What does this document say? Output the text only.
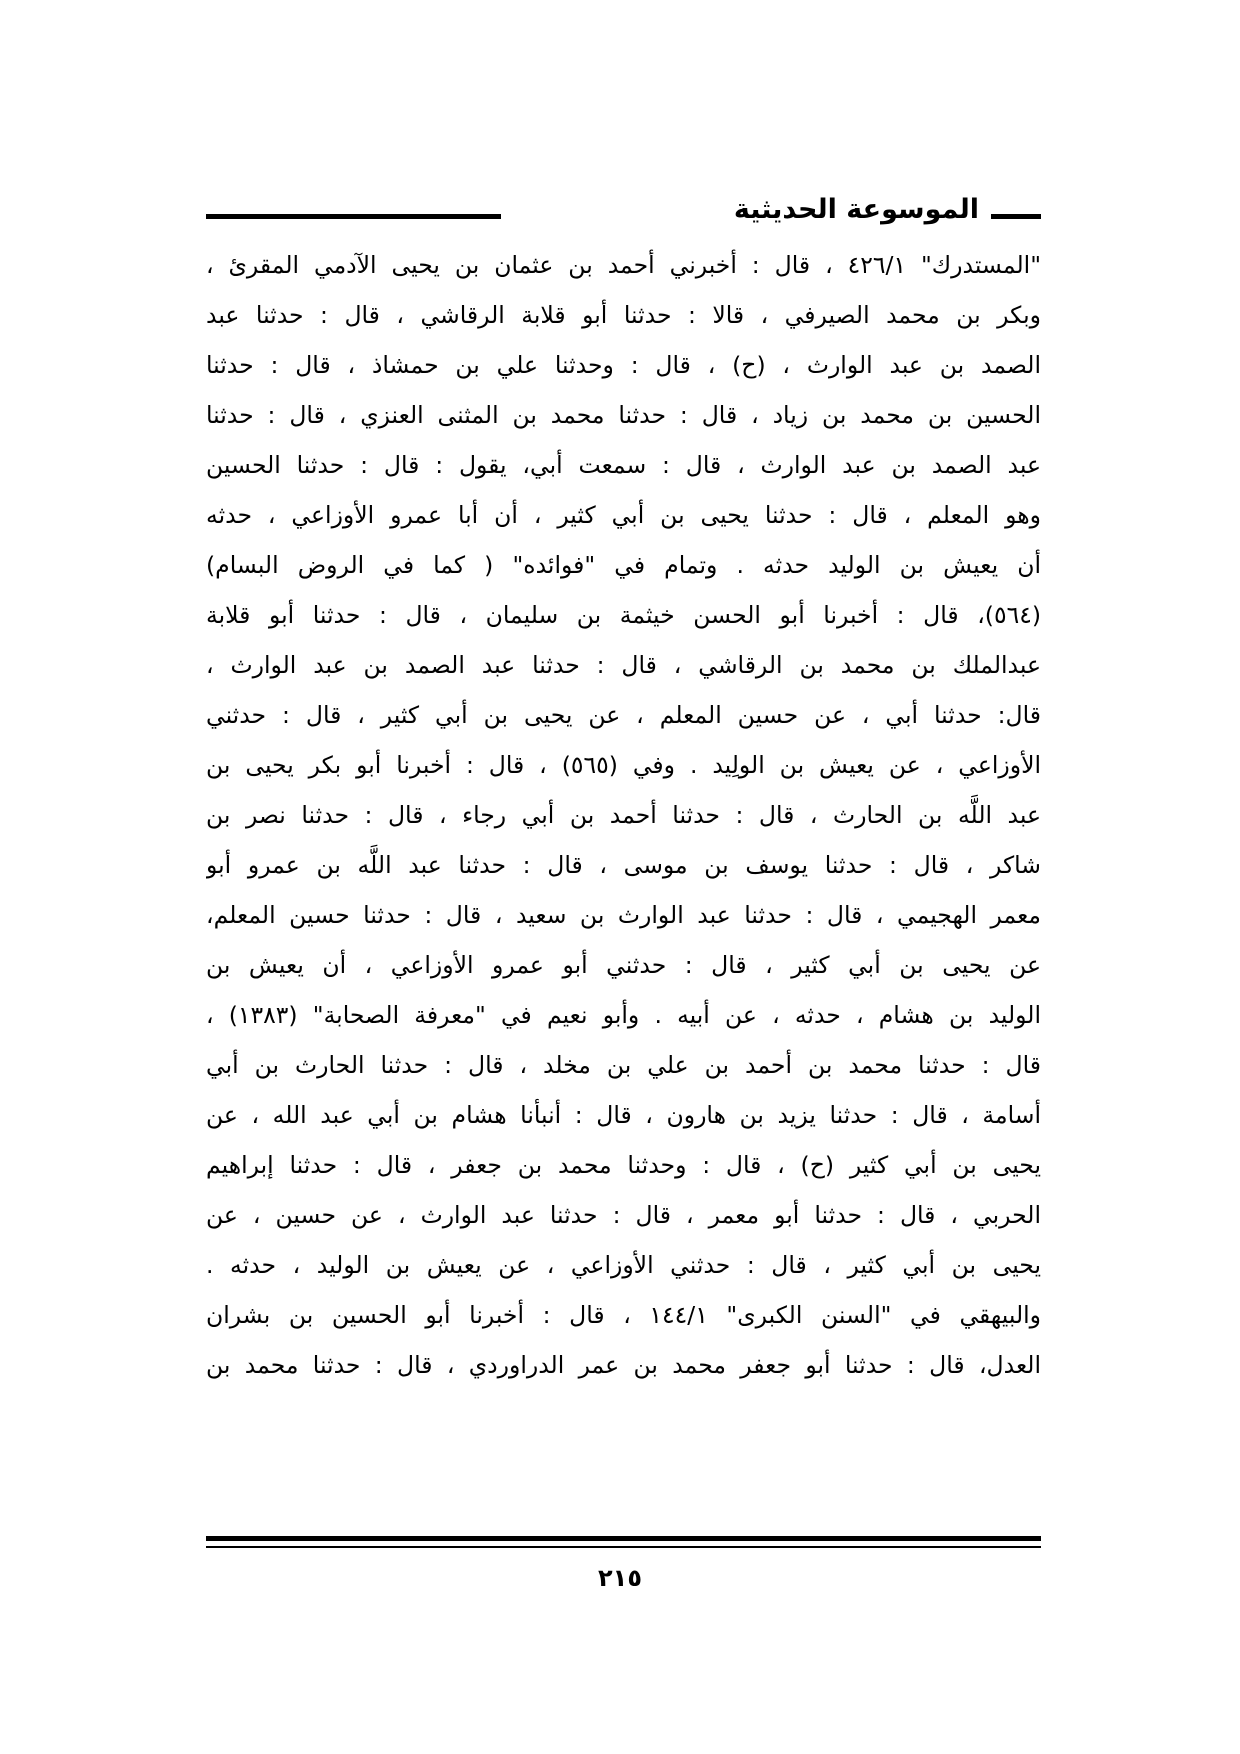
الموسوعة الحديثية
"المستدرك" ٤٢٦/١ ، قال : أخبرني أحمد بن عثمان بن يحيى الآدمي المقرئ ،
وبكر بن محمد الصيرفي ، قالا : حدثنا أبو قلابة الرقاشي ، قال : حدثنا عبد
الصمد بن عبد الوارث ، (ح) ، قال : وحدثنا علي بن حمشاذ ، قال : حدثنا
الحسين بن محمد بن زياد ، قال : حدثنا محمد بن المثنى العنزي ، قال : حدثنا
عبد الصمد بن عبد الوارث ، قال : سمعت أبي، يقول : قال : حدثنا الحسين
وهو المعلم ، قال : حدثنا يحيى بن أبي كثير ، أن أبا عمرو الأوزاعي ، حدثه
أن يعيش بن الوليد حدثه . وتمام في "فوائده" ( كما في الروض البسام)
(٥٦٤)، قال : أخبرنا أبو الحسن خيثمة بن سليمان ، قال : حدثنا أبو قلابة
عبدالملك بن محمد بن الرقاشي ، قال : حدثنا عبد الصمد بن عبد الوارث ،
قال: حدثنا أبي ، عن حسين المعلم ، عن يحيى بن أبي كثير ، قال : حدثني
الأوزاعي ، عن يعيش بن الولِيد . وفي (٥٦٥) ، قال : أخبرنا أبو بكر يحيى بن
عبد اللَّه بن الحارث ، قال : حدثنا أحمد بن أبي رجاء ، قال : حدثنا نصر بن
شاكر ، قال : حدثنا يوسف بن موسى ، قال : حدثنا عبد اللَّه بن عمرو أبو
معمر الهجيمي ، قال : حدثنا عبد الوارث بن سعيد ، قال : حدثنا حسين المعلم،
عن يحيى بن أبي كثير ، قال : حدثني أبو عمرو الأوزاعي ، أن يعيش بن
الوليد بن هشام ، حدثه ، عن أبيه . وأبو نعيم في "معرفة الصحابة" (١٣٨٣) ،
قال : حدثنا محمد بن أحمد بن علي بن مخلد ، قال : حدثنا الحارث بن أبي
أسامة ، قال : حدثنا يزيد بن هارون ، قال : أنبأنا هشام بن أبي عبد الله ، عن
يحيى بن أبي كثير (ح) ، قال : وحدثنا محمد بن جعفر ، قال : حدثنا إبراهيم
الحربي ، قال : حدثنا أبو معمر ، قال : حدثنا عبد الوارث ، عن حسين ، عن
يحيى بن أبي كثير ، قال : حدثني الأوزاعي ، عن يعيش بن الوليد ، حدثه .
والبيهقي في "السنن الكبرى" ١٤٤/١ ، قال : أخبرنا أبو الحسين بن بشران
العدل، قال : حدثنا أبو جعفر محمد بن عمر الدراوردي ، قال : حدثنا محمد بن
٢١٥
